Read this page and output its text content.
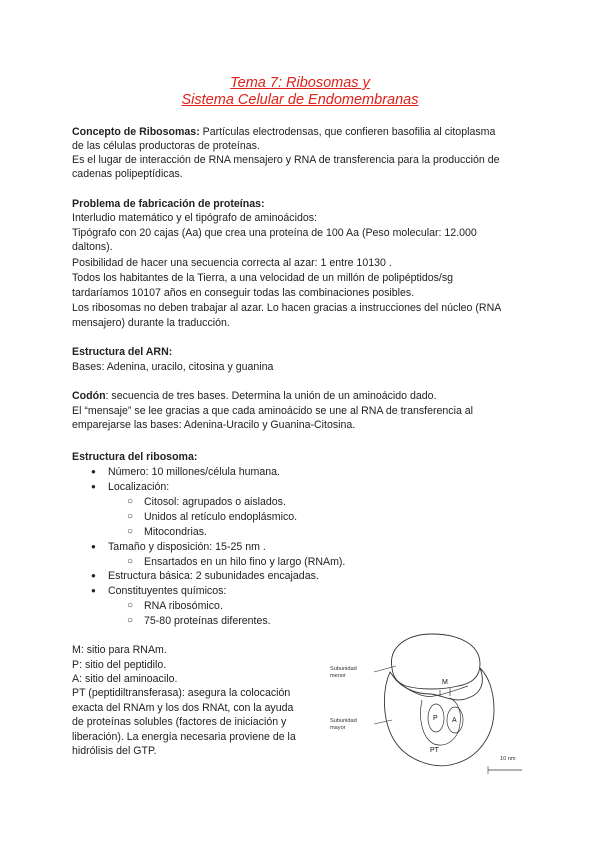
Tema 7: Ribosomas y
Sistema Celular de Endomembranas
Concepto de Ribosomas: Partículas electrodensas, que confieren basofilia al citoplasma
de las células productoras de proteínas.
Es el lugar de interacción de RNA mensajero y RNA de transferencia para la producción de
cadenas polipeptídicas.
Problema de fabricación de proteínas:
Interludio matemático y el tipógrafo de aminoácidos:
Tipógrafo con 20 cajas (Aa) que crea una proteína de 100 Aa (Peso molecular: 12.000
daltons).
Posibilidad de hacer una secuencia correcta al azar: 1 entre 10130 .
Todos los habitantes de la Tierra, a una velocidad de un millón de polipéptidos/sg
tardaríamos 10107 años en conseguir todas las combinaciones posibles.
Los ribosomas no deben trabajar al azar. Lo hacen gracias a instrucciones del núcleo (RNA
mensajero) durante la traducción.
Estructura del ARN:
Bases: Adenina, uracilo, citosina y guanina
Codón: secuencia de tres bases. Determina la unión de un aminoácido dado.
El “mensaje” se lee gracias a que cada aminoácido se une al RNA de transferencia al
emparejarse las bases: Adenina-Uracilo y Guanina-Citosina.
Estructura del ribosoma:
● Número: 10 millones/célula humana.
● Localización:
○ Citosol: agrupados o aislados.
○ Unidos al retículo endoplásmico.
○ Mitocondrias.
● Tamaño y disposición: 15-25 nm .
○ Ensartados en un hilo fino y largo (RNAm).
● Estructura básica: 2 subunidades encajadas.
● Constituyentes químicos:
○ RNA ribosómico.
○ 75-80 proteínas diferentes.
M: sitio para RNAm.
P: sitio del peptidilo.
A: sitio del aminoacilo.
PT (peptidiltransferasa): asegura la colocación
exacta del RNAm y los dos RNAt, con la ayuda
de proteínas solubles (factores de iniciación y
liberación). La energía necesaria proviene de la
hidrólisis del GTP.
Subunidad
menor
Subunidad
mayor
M
P A
PT
10 nm
